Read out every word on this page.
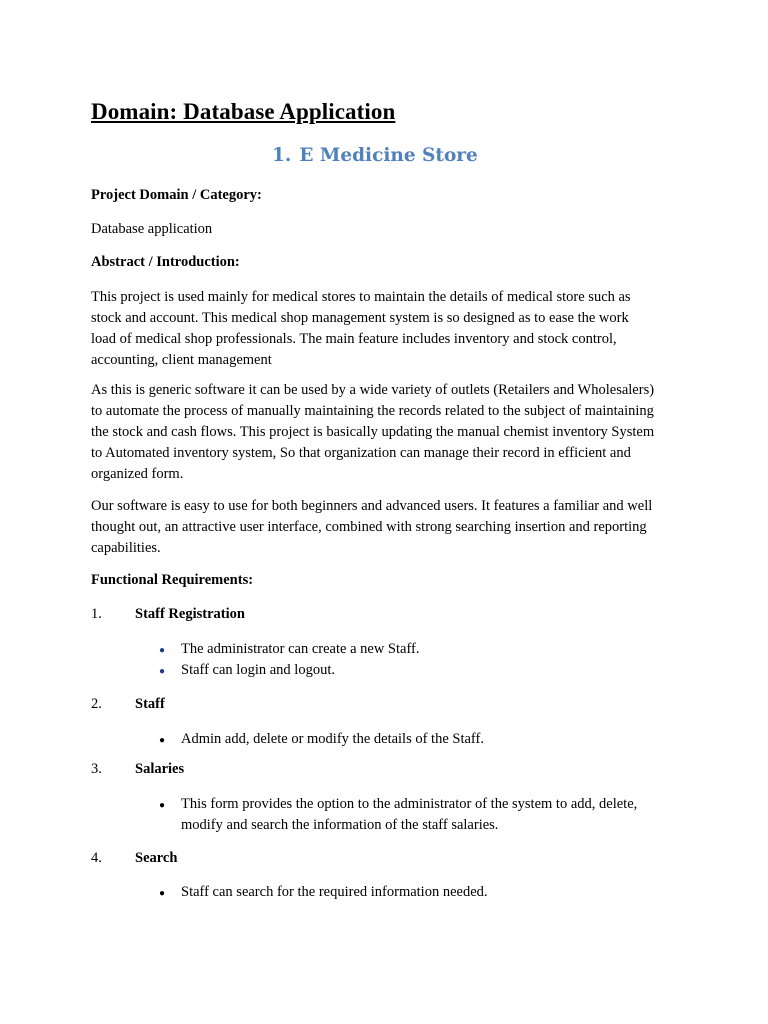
Domain: Database Application
1. E Medicine Store
Project Domain / Category:
Database application
Abstract / Introduction:
This project is used mainly for medical stores to maintain the details of medical store such as
stock and account. This medical shop management system is so designed as to ease the work
load of medical shop professionals. The main feature includes inventory and stock control,
accounting, client management
As this is generic software it can be used by a wide variety of outlets (Retailers and Wholesalers)
to automate the process of manually maintaining the records related to the subject of maintaining
the stock and cash flows. This project is basically updating the manual chemist inventory System
to Automated inventory system, So that organization can manage their record in efficient and
organized form.
Our software is easy to use for both beginners and advanced users. It features a familiar and well
thought out, an attractive user interface, combined with strong searching insertion and reporting
capabilities.
Functional Requirements:
1. Staff Registration
● The administrator can create a new Staff.
● Staff can login and logout.
2. Staff
● Admin add, delete or modify the details of the Staff.
3. Salaries
● This form provides the option to the administrator of the system to add, delete,
modify and search the information of the staff salaries.
4. Search
● Staff can search for the required information needed.
